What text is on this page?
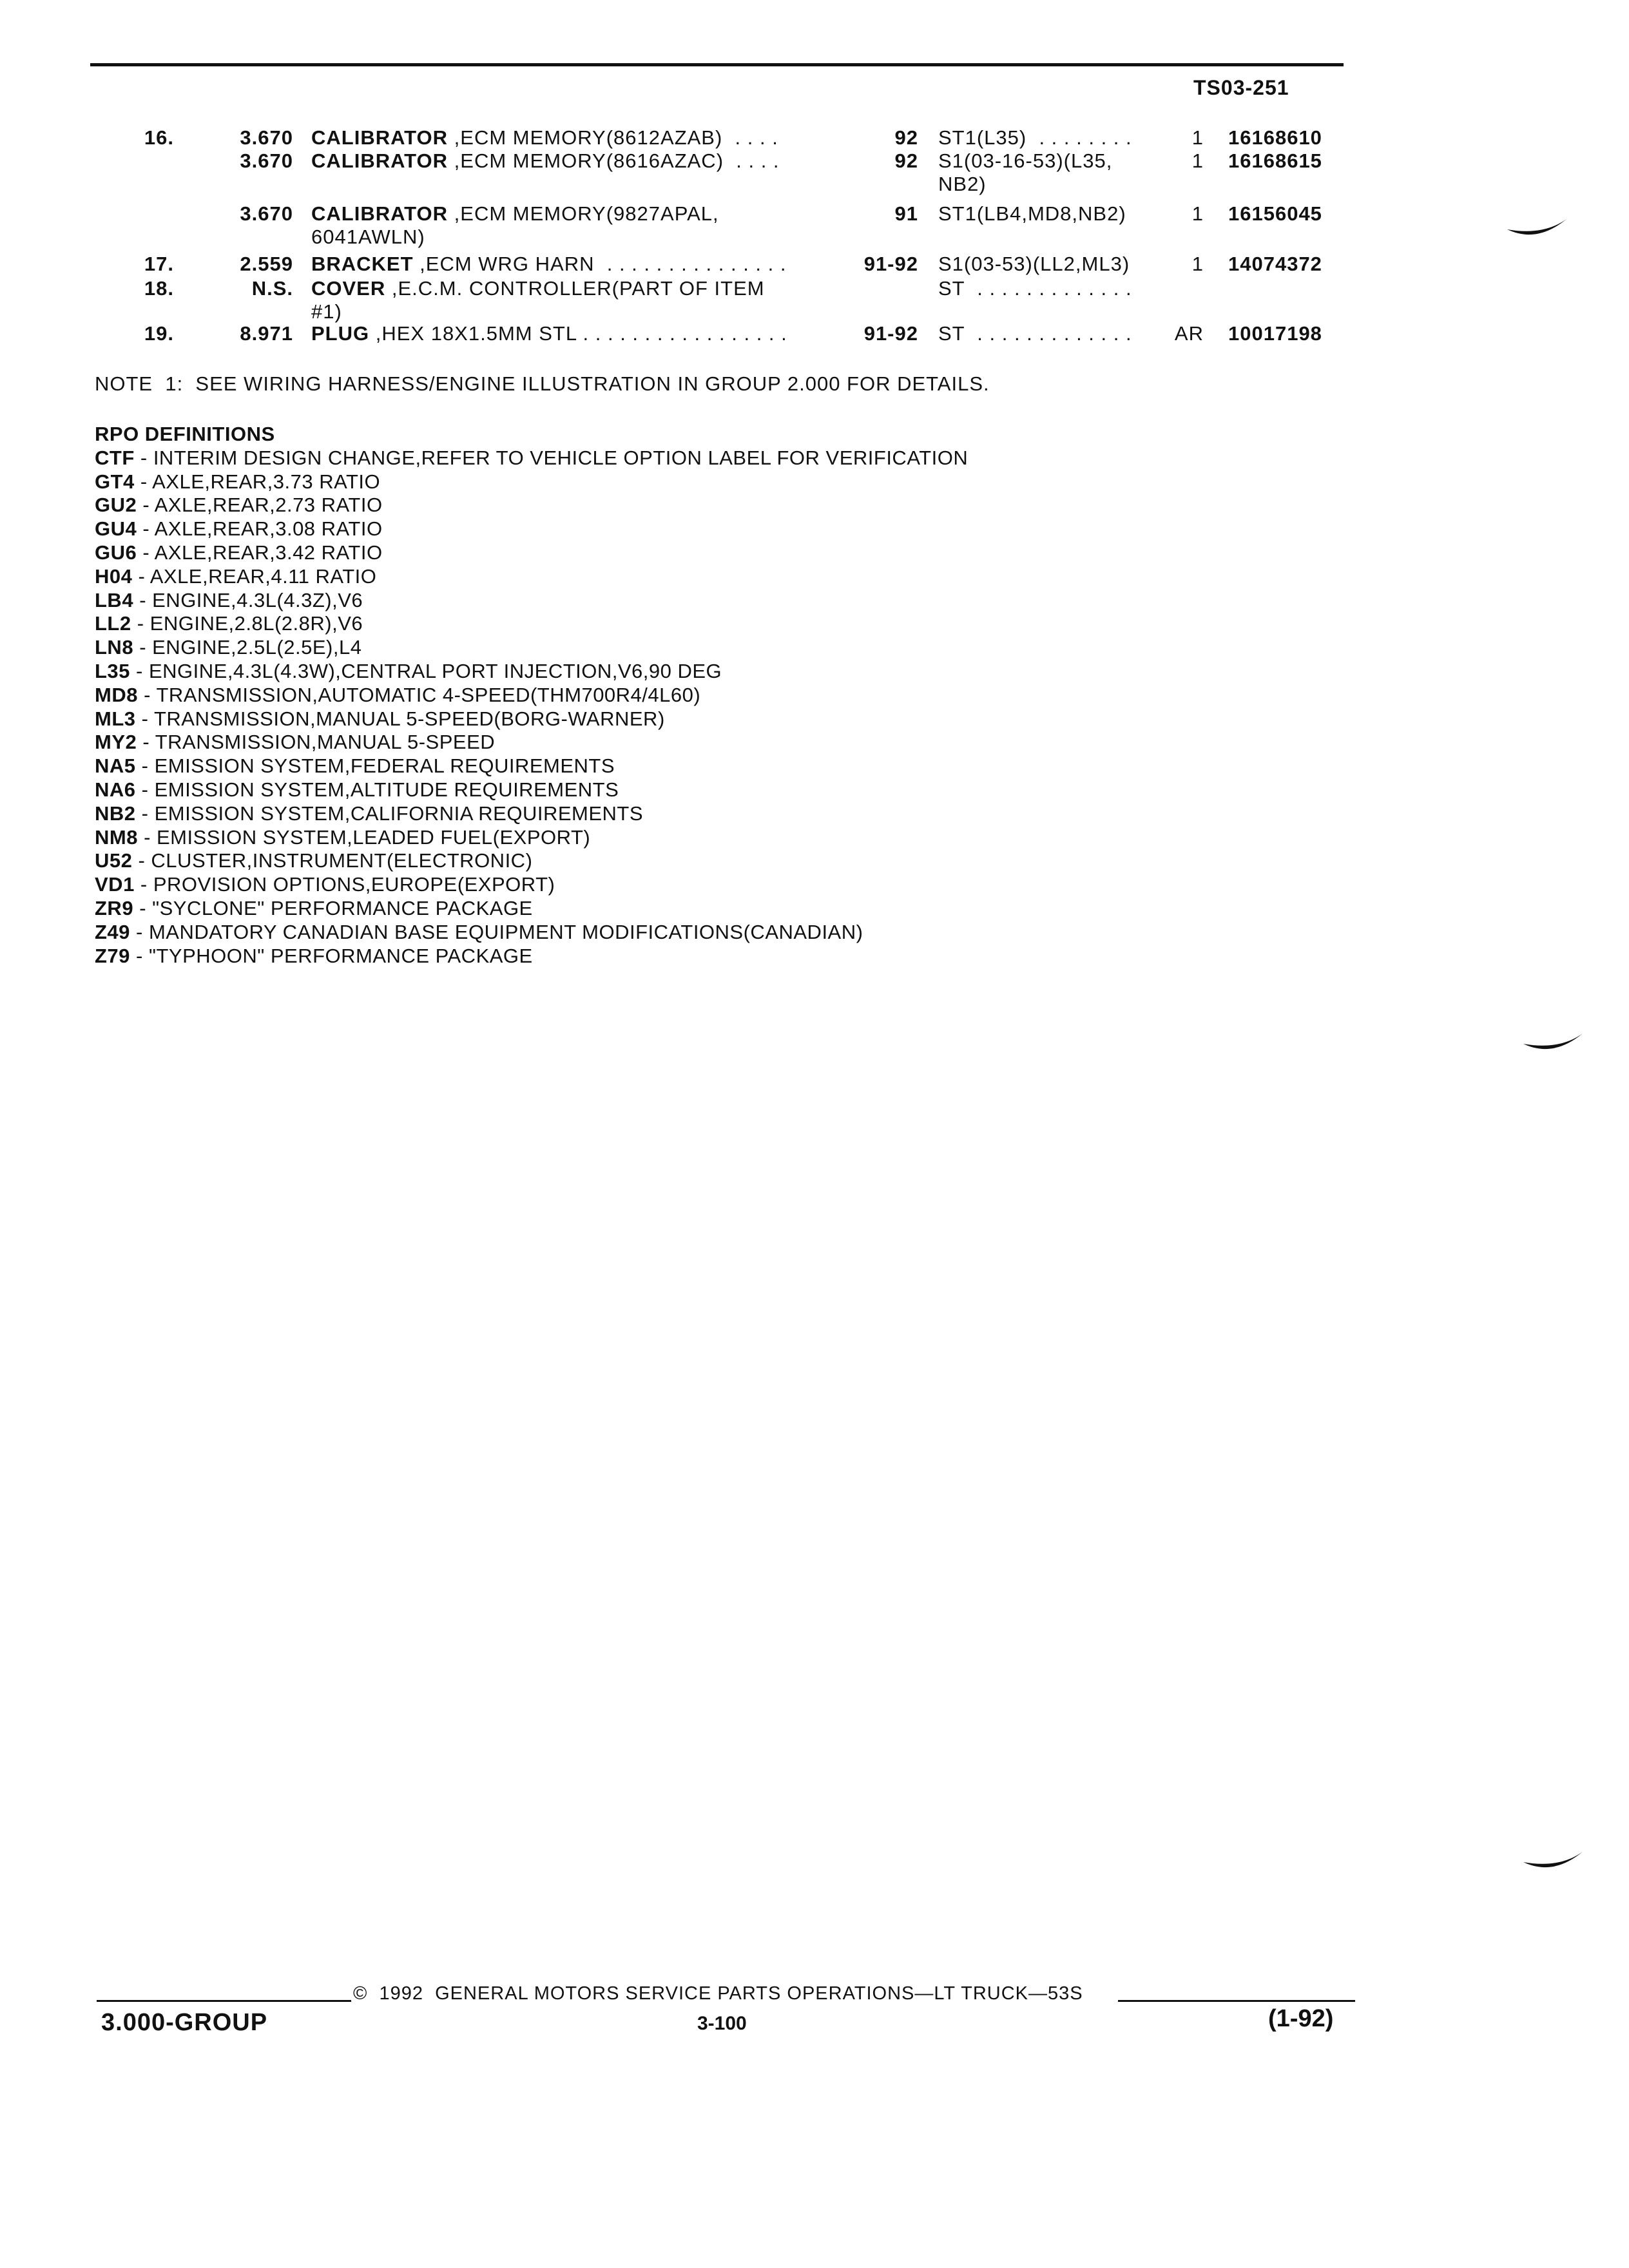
TS03-251
16.	3.670 CALIBRATOR ,ECM MEMORY(8612AZAB)  . . . .	92 ST1(L35)  . . . . . . . .	1 16168610
3.670 CALIBRATOR ,ECM MEMORY(8616AZAC)  . . . .	92 S1(03-16-53)(L35,	1 16168615
NB2)
3.670 CALIBRATOR ,ECM MEMORY(9827APAL,	91 ST1(LB4,MD8,NB2)	1 16156045
6041AWLN)
17.	2.559 BRACKET ,ECM WRG HARN  . . . . . . . . . . . . . . .	91-92 S1(03-53)(LL2,ML3)	1 14074372
18.	N.S. COVER ,E.C.M. CONTROLLER(PART OF ITEM	ST  . . . . . . . . . . . . .
#1)
19.	8.971 PLUG ,HEX 18X1.5MM STL . . . . . . . . . . . . . . . . .	91-92 ST  . . . . . . . . . . . . .	AR 10017198
NOTE  1:  SEE WIRING HARNESS/ENGINE ILLUSTRATION IN GROUP 2.000 FOR DETAILS.
RPO DEFINITIONS
CTF - INTERIM DESIGN CHANGE,REFER TO VEHICLE OPTION LABEL FOR VERIFICATION
GT4 - AXLE,REAR,3.73 RATIO
GU2 - AXLE,REAR,2.73 RATIO
GU4 - AXLE,REAR,3.08 RATIO
GU6 - AXLE,REAR,3.42 RATIO
H04 - AXLE,REAR,4.11 RATIO
LB4 - ENGINE,4.3L(4.3Z),V6
LL2 - ENGINE,2.8L(2.8R),V6
LN8 - ENGINE,2.5L(2.5E),L4
L35 - ENGINE,4.3L(4.3W),CENTRAL PORT INJECTION,V6,90 DEG
MD8 - TRANSMISSION,AUTOMATIC 4-SPEED(THM700R4/4L60)
ML3 - TRANSMISSION,MANUAL 5-SPEED(BORG-WARNER)
MY2 - TRANSMISSION,MANUAL 5-SPEED
NA5 - EMISSION SYSTEM,FEDERAL REQUIREMENTS
NA6 - EMISSION SYSTEM,ALTITUDE REQUIREMENTS
NB2 - EMISSION SYSTEM,CALIFORNIA REQUIREMENTS
NM8 - EMISSION SYSTEM,LEADED FUEL(EXPORT)
U52 - CLUSTER,INSTRUMENT(ELECTRONIC)
VD1 - PROVISION OPTIONS,EUROPE(EXPORT)
ZR9 - "SYCLONE" PERFORMANCE PACKAGE
Z49 - MANDATORY CANADIAN BASE EQUIPMENT MODIFICATIONS(CANADIAN)
Z79 - "TYPHOON" PERFORMANCE PACKAGE
©  1992  GENERAL MOTORS SERVICE PARTS OPERATIONS—LT TRUCK—53S
3.000-GROUP	3-100	(1-92)
